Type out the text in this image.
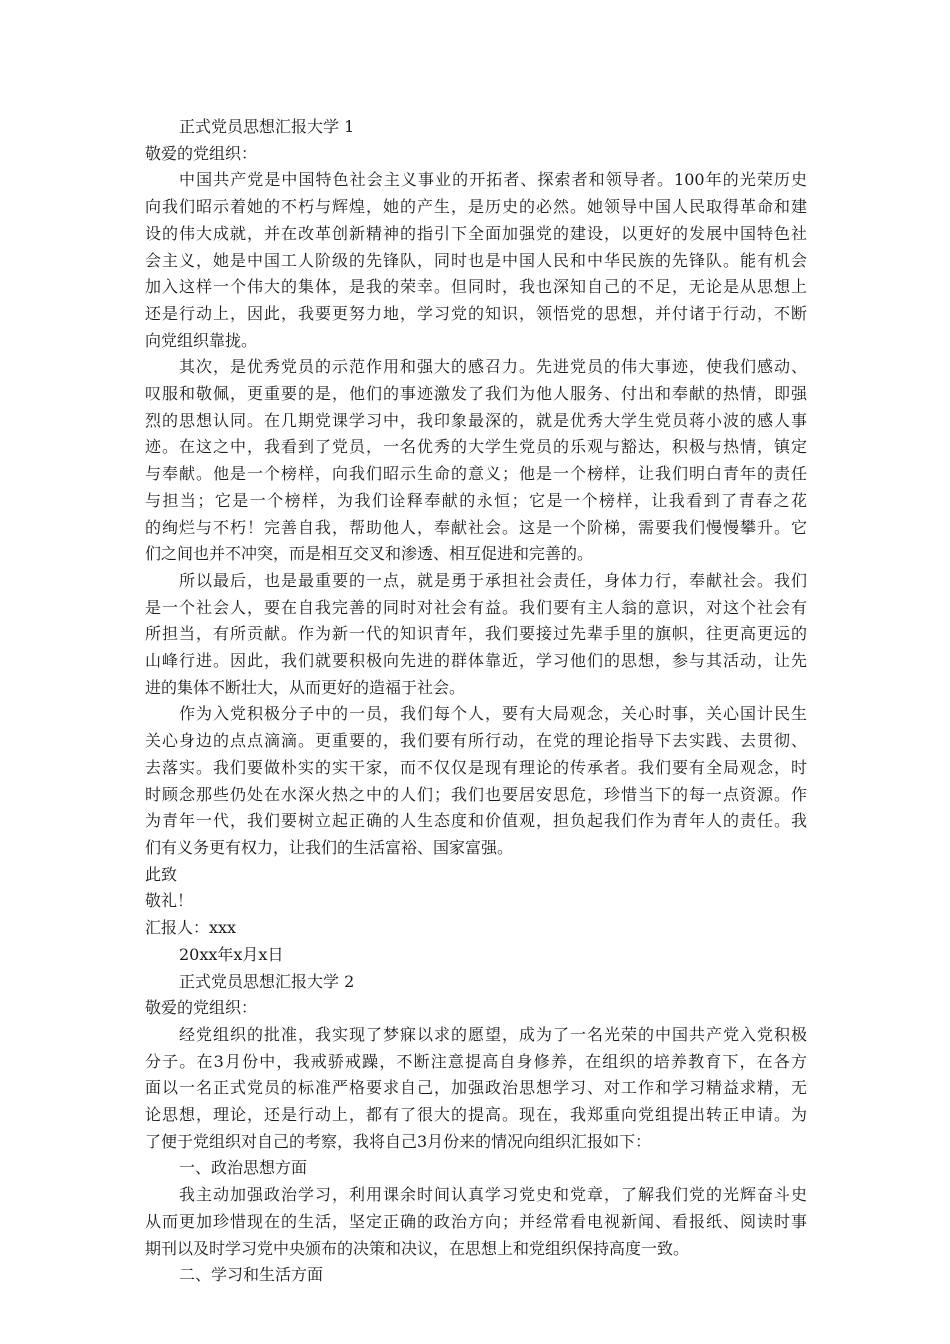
正式党员思想汇报大学 1

敬爱的党组织：

中国共产党是中国特色社会主义事业的开拓者、探索者和领导者。100年的光荣历史

向我们昭示着她的不朽与辉煌，她的产生，是历史的必然。她领导中国人民取得革命和建

设的伟大成就，并在改革创新精神的指引下全面加强党的建设，以更好的发展中国特色社

会主义，她是中国工人阶级的先锋队，同时也是中国人民和中华民族的先锋队。能有机会

加入这样一个伟大的集体，是我的荣幸。但同时，我也深知自己的不足，无论是从思想上

还是行动上，因此，我要更努力地，学习党的知识，领悟党的思想，并付诸于行动，不断

向党组织靠拢。

其次，是优秀党员的示范作用和强大的感召力。先进党员的伟大事迹，使我们感动、

叹服和敬佩，更重要的是，他们的事迹激发了我们为他人服务、付出和奉献的热情，即强

烈的思想认同。在几期党课学习中，我印象最深的，就是优秀大学生党员蒋小波的感人事

迹。在这之中，我看到了党员，一名优秀的大学生党员的乐观与豁达，积极与热情，镇定

与奉献。他是一个榜样，向我们昭示生命的意义；他是一个榜样，让我们明白青年的责任

与担当；它是一个榜样，为我们诠释奉献的永恒；它是一个榜样，让我看到了青春之花

的绚烂与不朽！完善自我，帮助他人，奉献社会。这是一个阶梯，需要我们慢慢攀升。它

们之间也并不冲突，而是相互交叉和渗透、相互促进和完善的。

所以最后，也是最重要的一点，就是勇于承担社会责任，身体力行，奉献社会。我们

是一个社会人，要在自我完善的同时对社会有益。我们要有主人翁的意识，对这个社会有

所担当，有所贡献。作为新一代的知识青年，我们要接过先辈手里的旗帜，往更高更远的

山峰行进。因此，我们就要积极向先进的群体靠近，学习他们的思想，参与其活动，让先

进的集体不断壮大，从而更好的造福于社会。

作为入党积极分子中的一员，我们每个人，要有大局观念，关心时事，关心国计民生

关心身边的点点滴滴。更重要的，我们要有所行动，在党的理论指导下去实践、去贯彻、

去落实。我们要做朴实的实干家，而不仅仅是现有理论的传承者。我们要有全局观念，时

时顾念那些仍处在水深火热之中的人们；我们也要居安思危，珍惜当下的每一点资源。作

为青年一代，我们要树立起正确的人生态度和价值观，担负起我们作为青年人的责任。我

们有义务更有权力，让我们的生活富裕、国家富强。

此致

敬礼！

汇报人：xxx

20xx年x月x日

正式党员思想汇报大学 2

敬爱的党组织：

经党组织的批准，我实现了梦寐以求的愿望，成为了一名光荣的中国共产党入党积极

分子。在3月份中，我戒骄戒躁，不断注意提高自身修养，在组织的培养教育下，在各方

面以一名正式党员的标准严格要求自己，加强政治思想学习、对工作和学习精益求精，无

论思想，理论，还是行动上，都有了很大的提高。现在，我郑重向党组提出转正申请。为

了便于党组织对自己的考察，我将自己3月份来的情况向组织汇报如下：

一、政治思想方面

我主动加强政治学习，利用课余时间认真学习党史和党章，了解我们党的光辉奋斗史

从而更加珍惜现在的生活，坚定正确的政治方向；并经常看电视新闻、看报纸、阅读时事

期刊以及时学习党中央颁布的决策和决议，在思想上和党组织保持高度一致。

二、学习和生活方面
